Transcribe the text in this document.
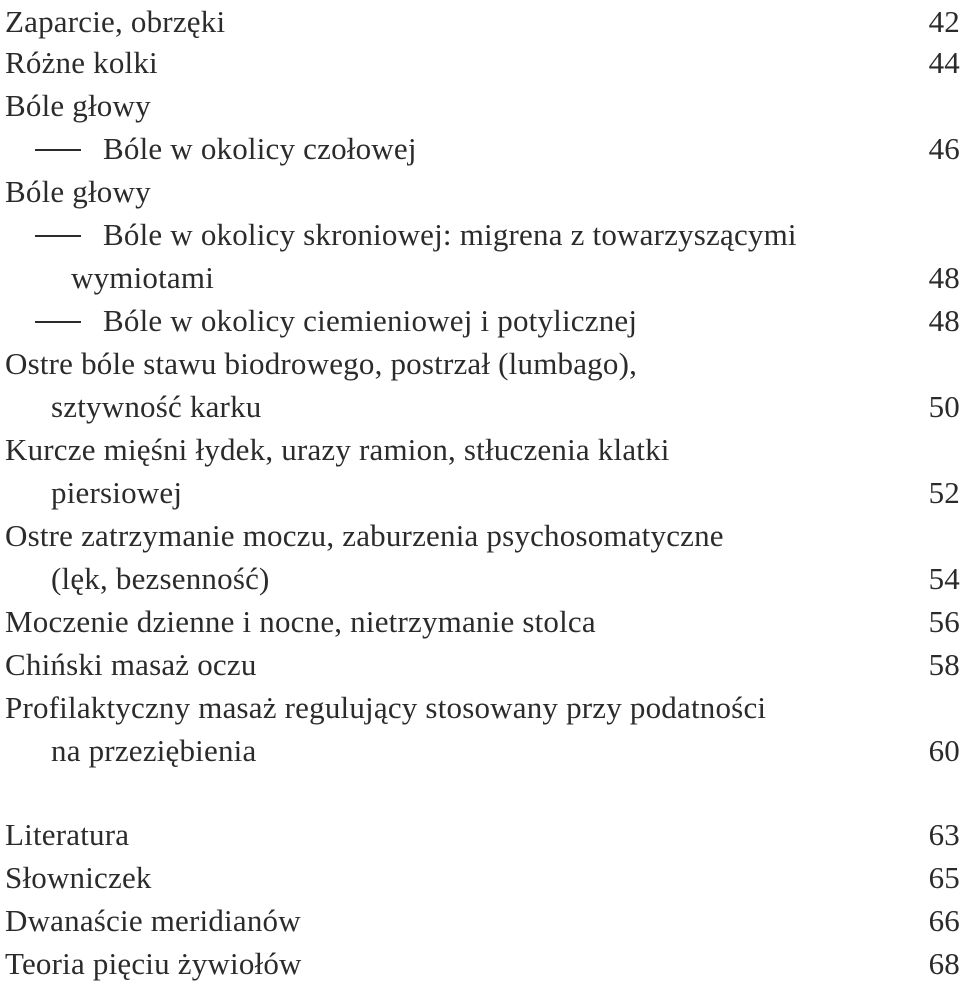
Zaparcie, obrzęki . . .	42
Różne kolki . . .	44
Bóle głowy
Bóle w okolicy czołowej . . .	46
Bóle głowy
Bóle w okolicy skroniowej: migrena z towarzyszącymi
wymiotami . . .	48
Bóle w okolicy ciemieniowej i potylicznej . . .	48
Ostre bóle stawu biodrowego, postrzał (lumbago),
sztywność karku . . .	50
Kurcze mięśni łydek, urazy ramion, stłuczenia klatki
piersiowej . . .	52
Ostre zatrzymanie moczu, zaburzenia psychosomatyczne
(lęk, bezsenność) . . .	54
Moczenie dzienne i nocne, nietrzymanie stolca . . .	56
Chiński masaż oczu . . .	58
Profilaktyczny masaż regulujący stosowany przy podatności
na przeziębienia . . .	60
Literatura . . .	63
Słowniczek . . .	65
Dwanaście meridianów . . .	66
Teoria pięciu żywiołów . . .	68
